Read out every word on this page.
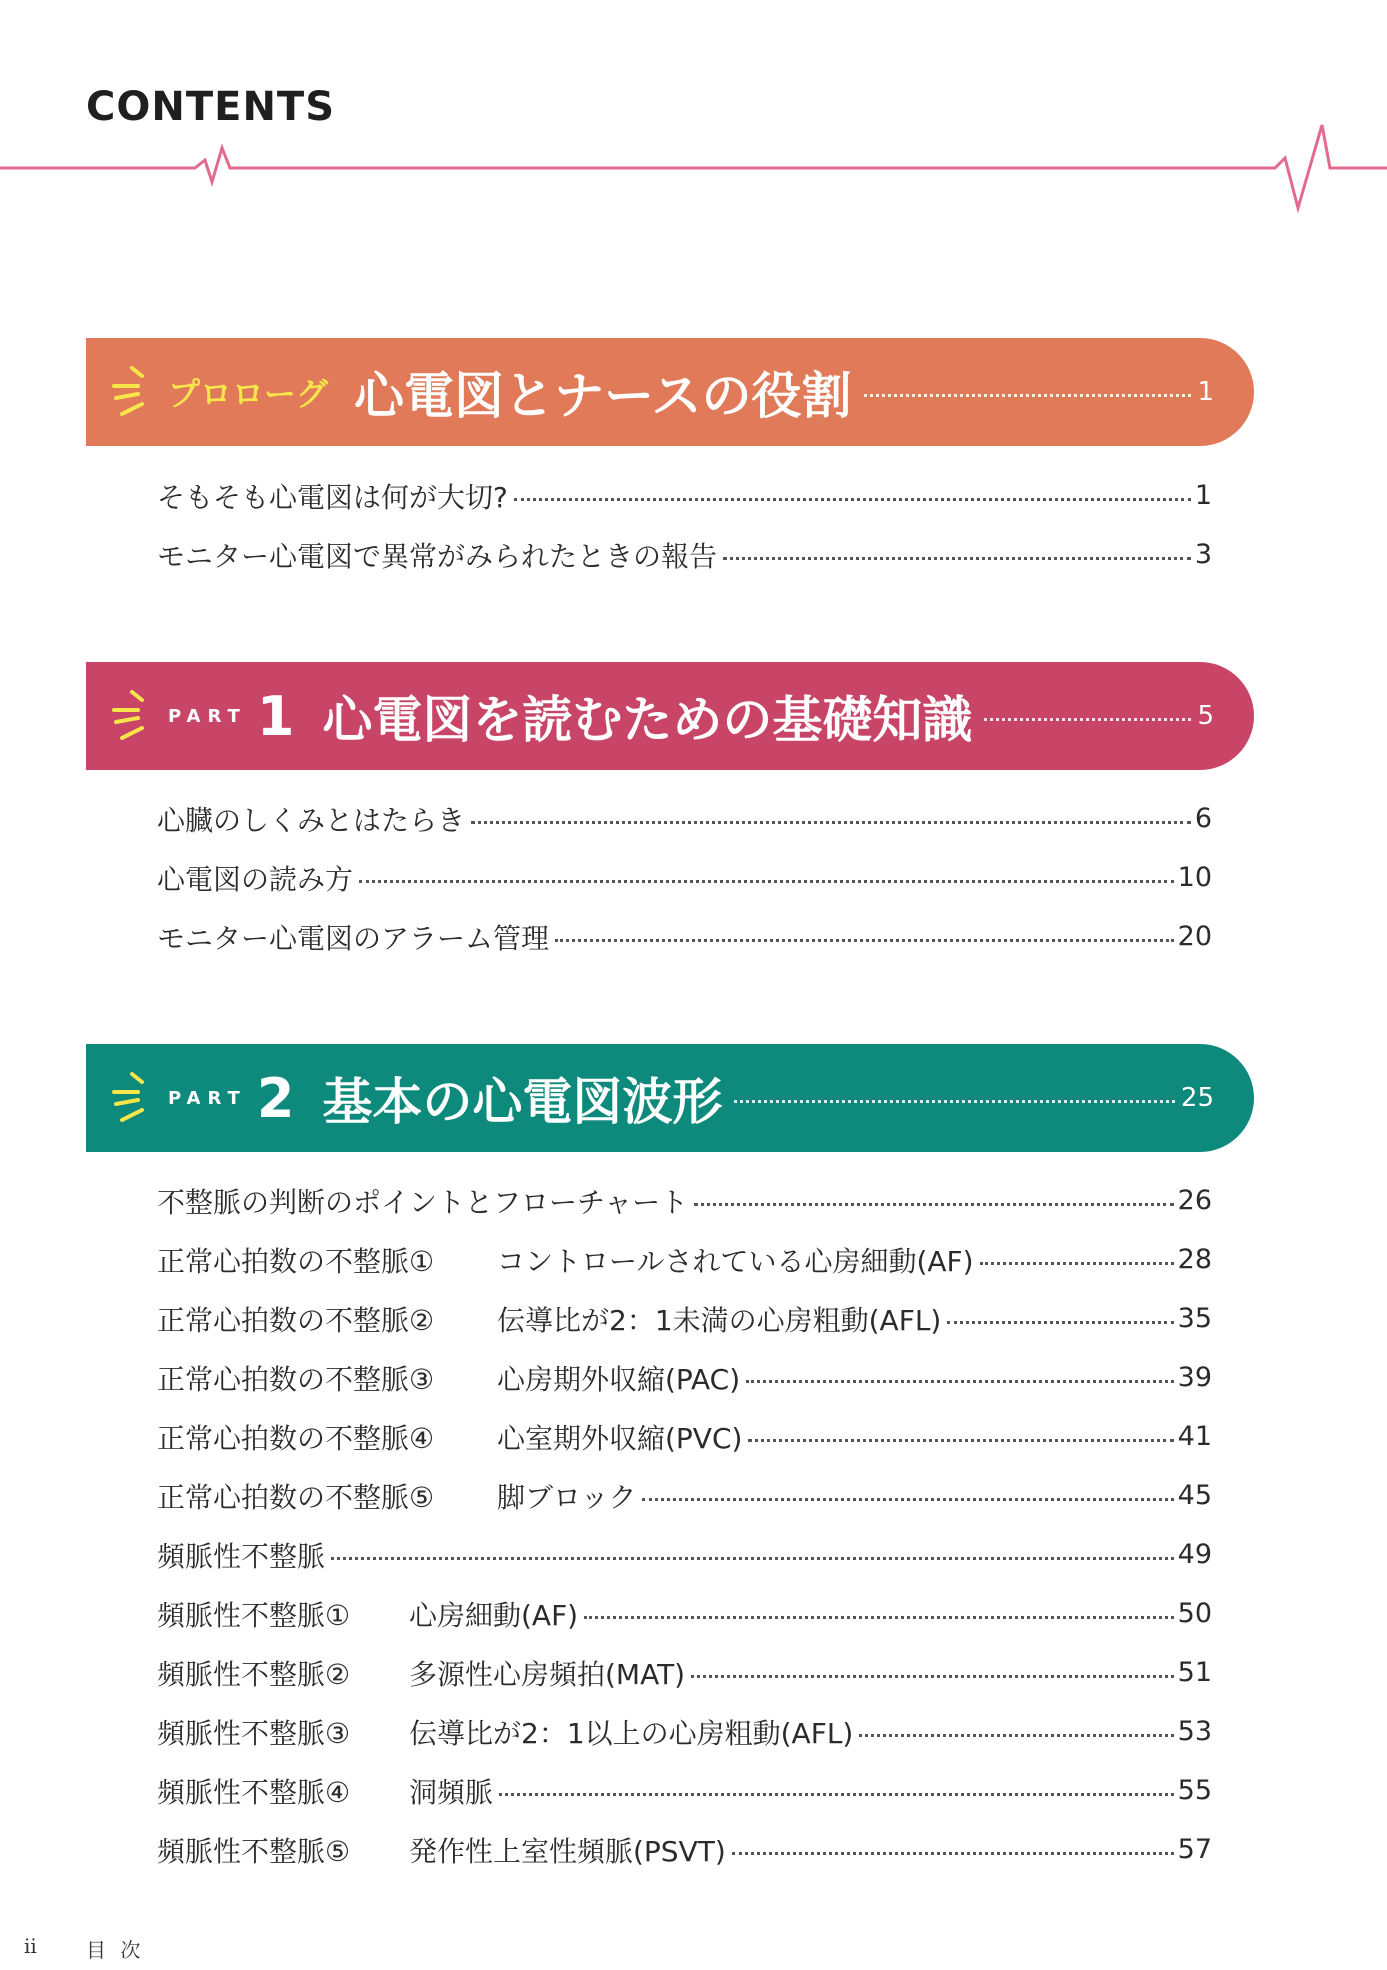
CONTENTS
プロローグ 心電図とナースの役割	1
そもそも心電図は何が大切?	1
モニター心電図で異常がみられたときの報告	3
PART 1 心電図を読むための基礎知識	5
心臓のしくみとはたらき	6
心電図の読み方	10
モニター心電図のアラーム管理	20
PART 2 基本の心電図波形	25
不整脈の判断のポイントとフローチャート	26
正常心拍数の不整脈①	コントロールされている心房細動(AF)	28
正常心拍数の不整脈②	伝導比が2：1未満の心房粗動(AFL)	35
正常心拍数の不整脈③	心房期外収縮(PAC)	39
正常心拍数の不整脈④	心室期外収縮(PVC)	41
正常心拍数の不整脈⑤	脚ブロック	45
頻脈性不整脈	49
頻脈性不整脈①	心房細動(AF)	50
頻脈性不整脈②	多源性心房頻拍(MAT)	51
頻脈性不整脈③	伝導比が2：1以上の心房粗動(AFL)	53
頻脈性不整脈④	洞頻脈	55
頻脈性不整脈⑤	発作性上室性頻脈(PSVT)	57
ii 目 次
